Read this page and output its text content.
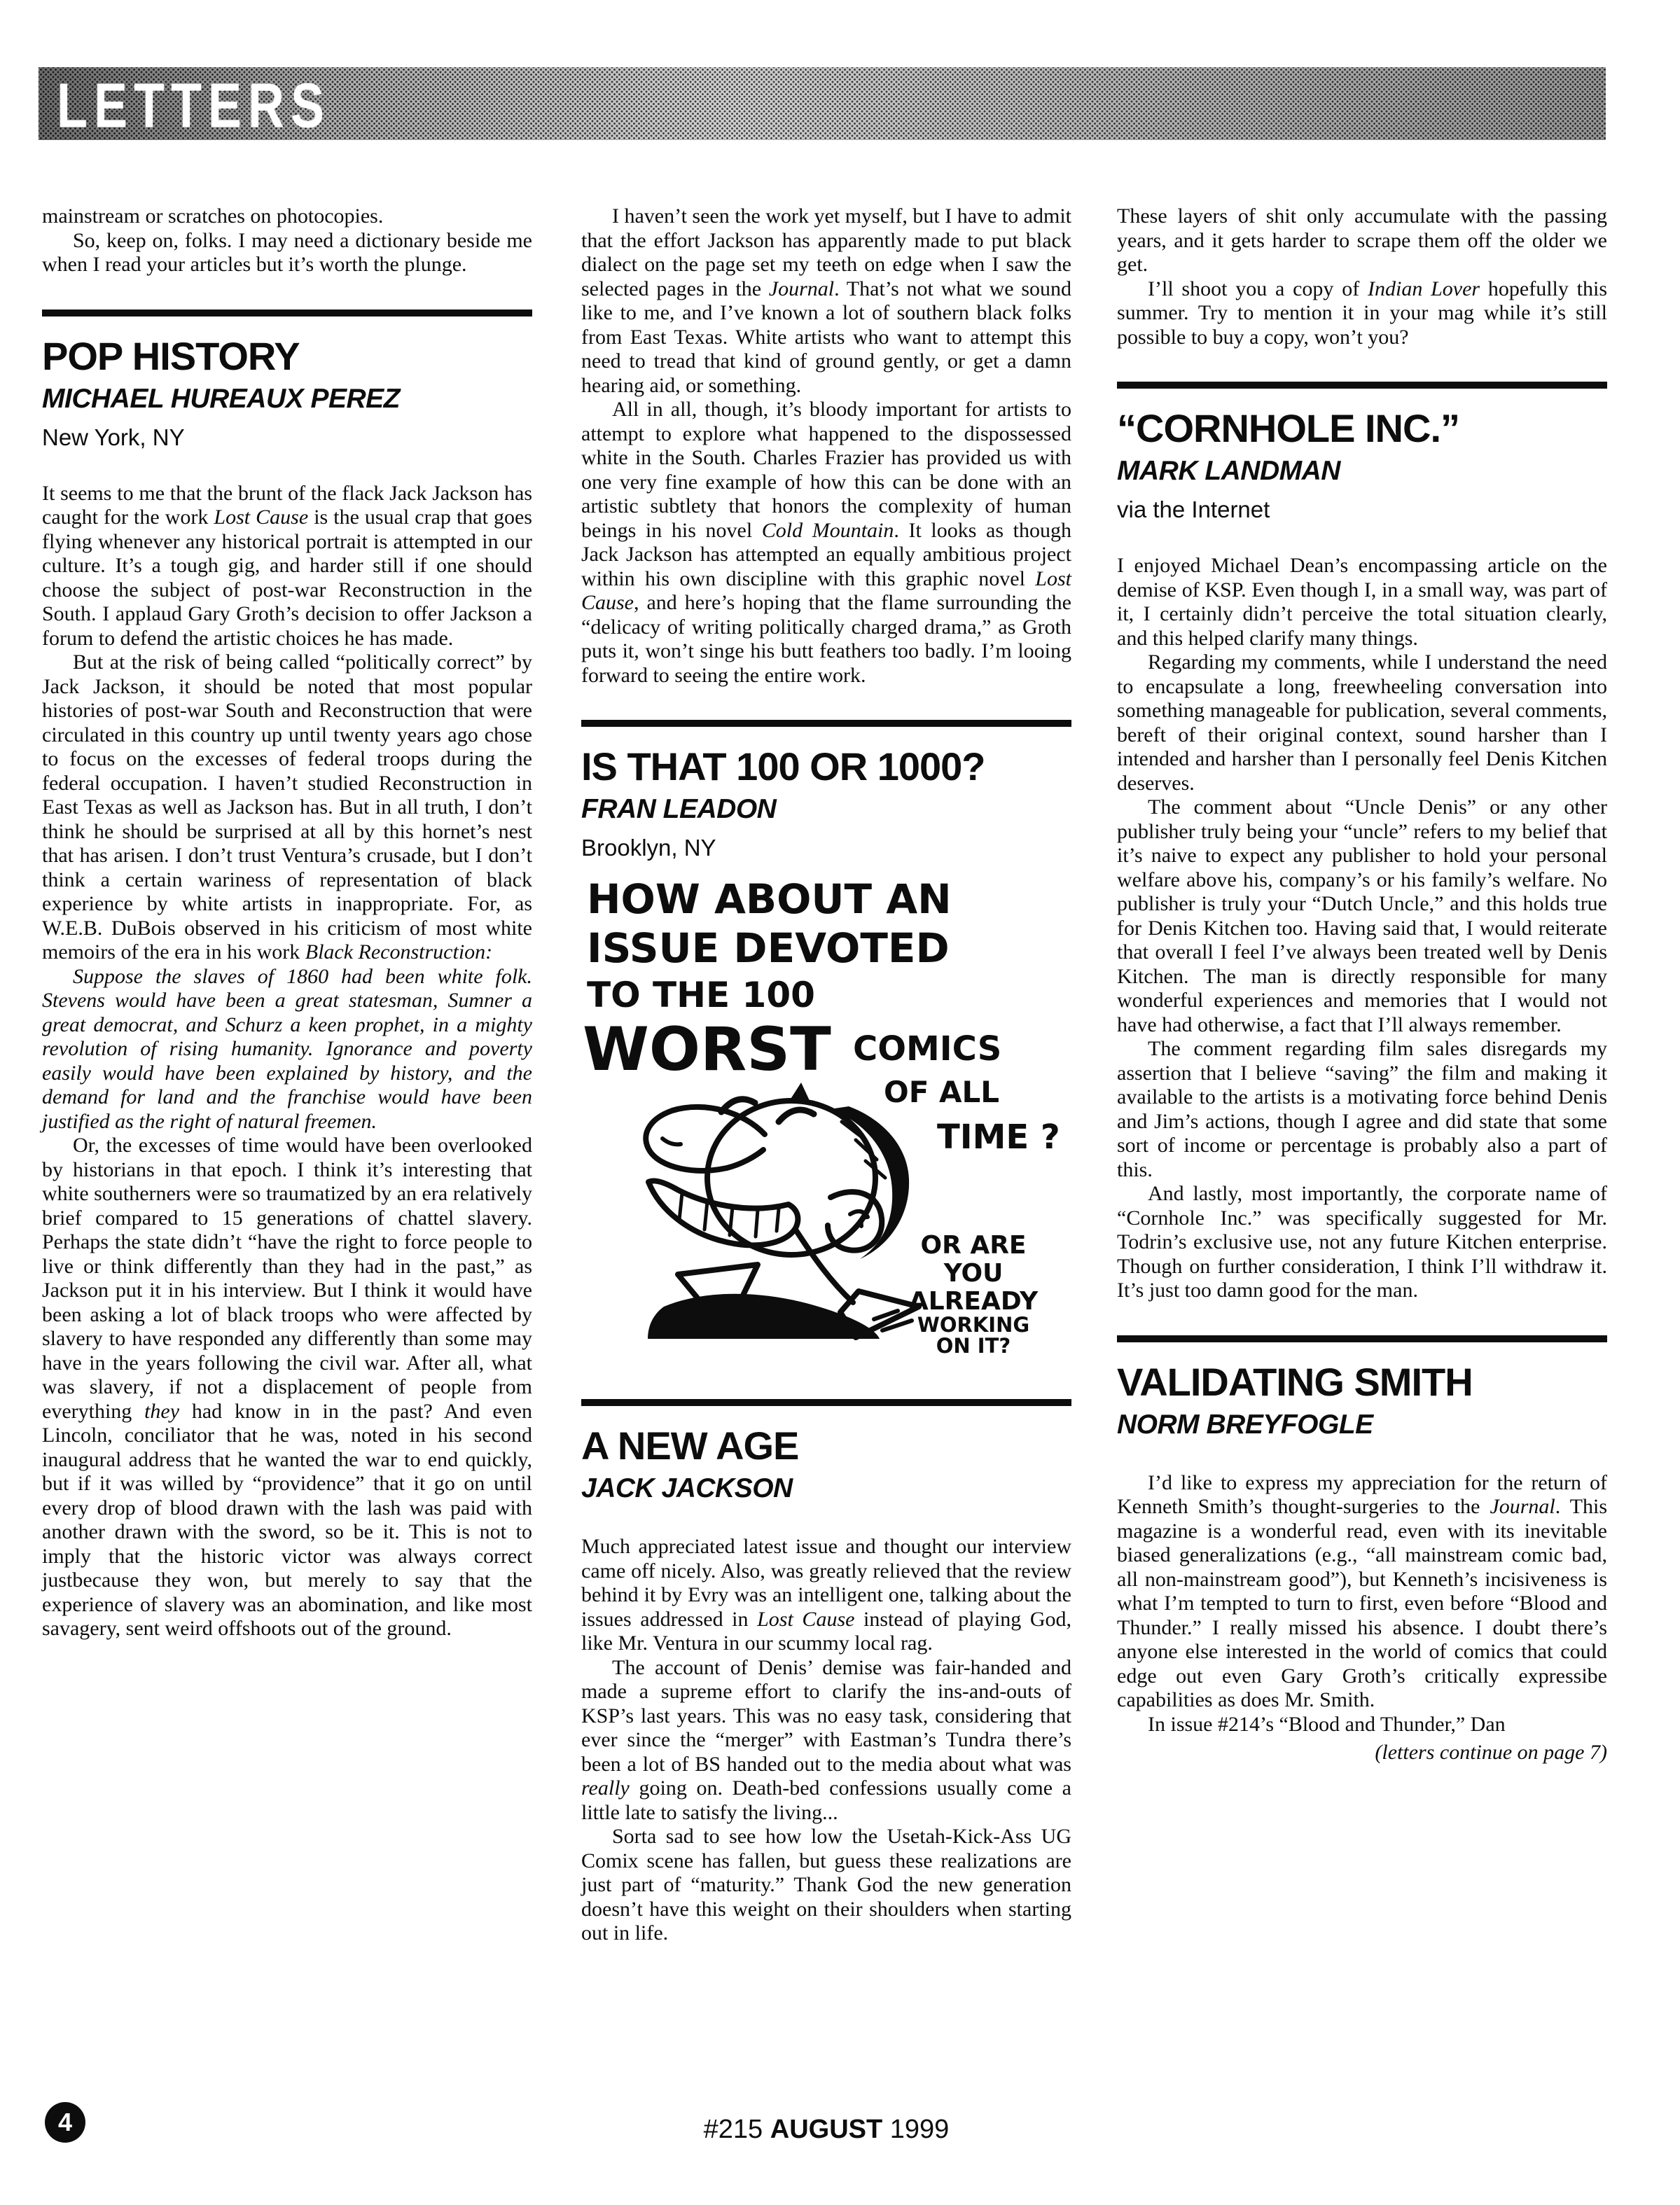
LETTERS

mainstream or scratches on photocopies.

So, keep on, folks. I may need a dictionary beside me when I read your articles but it’s worth the plunge.

POP HISTORY
MICHAEL HUREAUX PEREZ
New York, NY

It seems to me that the brunt of the flack Jack Jackson has caught for the work Lost Cause is the usual crap that goes flying whenever any historical portrait is attempted in our culture. It’s a tough gig, and harder still if one should choose the subject of post-war Reconstruction in the South. I applaud Gary Groth’s decision to offer Jackson a forum to defend the artistic choices he has made.

But at the risk of being called “politically correct” by Jack Jackson, it should be noted that most popular histories of post-war South and Reconstruction that were circulated in this country up until twenty years ago chose to focus on the excesses of federal troops during the federal occupation. I haven’t studied Reconstruction in East Texas as well as Jackson has. But in all truth, I don’t think he should be surprised at all by this hornet’s nest that has arisen. I don’t trust Ventura’s crusade, but I don’t think a certain wariness of representation of black experience by white artists in inappropriate. For, as W.E.B. DuBois observed in his criticism of most white memoirs of the era in his work Black Reconstruction:

Suppose the slaves of 1860 had been white folk. Stevens would have been a great statesman, Sumner a great democrat, and Schurz a keen prophet, in a mighty revolution of rising humanity. Ignorance and poverty easily would have been explained by history, and the demand for land and the franchise would have been justified as the right of natural freemen.

Or, the excesses of time would have been overlooked by historians in that epoch. I think it’s interesting that white southerners were so traumatized by an era relatively brief compared to 15 generations of chattel slavery. Perhaps the state didn’t “have the right to force people to live or think differently than they had in the past,” as Jackson put it in his interview. But I think it would have been asking a lot of black troops who were affected by slavery to have responded any differently than some may have in the years following the civil war. After all, what was slavery, if not a displacement of people from everything they had know in in the past? And even Lincoln, conciliator that he was, noted in his second inaugural address that he wanted the war to end quickly, but if it was willed by “providence” that it go on until every drop of blood drawn with the lash was paid with another drawn with the sword, so be it. This is not to imply that the historic victor was always correct justbecause they won, but merely to say that the experience of slavery was an abomination, and like most savagery, sent weird offshoots out of the ground.

I haven’t seen the work yet myself, but I have to admit that the effort Jackson has apparently made to put black dialect on the page set my teeth on edge when I saw the selected pages in the Journal. That’s not what we sound like to me, and I’ve known a lot of southern black folks from East Texas. White artists who want to attempt this need to tread that kind of ground gently, or get a damn hearing aid, or something.

All in all, though, it’s bloody important for artists to attempt to explore what happened to the dispossessed white in the South. Charles Frazier has provided us with one very fine example of how this can be done with an artistic subtlety that honors the complexity of human beings in his novel Cold Mountain. It looks as though Jack Jackson has attempted an equally ambitious project within his own discipline with this graphic novel Lost Cause, and here’s hoping that the flame surrounding the “delicacy of writing politically charged drama,” as Groth puts it, won’t singe his butt feathers too badly. I’m looing forward to seeing the entire work.

IS THAT 100 OR 1000?
FRAN LEADON
Brooklyn, NY
HOW ABOUT AN
ISSUE DEVOTED
TO THE 100
WORST COMICS
OF ALL
TIME ?
OR ARE
YOU
ALREADY
WORKING
ON IT?
A NEW AGE
JACK JACKSON

Much appreciated latest issue and thought our interview came off nicely. Also, was greatly relieved that the review behind it by Evry was an intelligent one, talking about the issues addressed in Lost Cause instead of playing God, like Mr. Ventura in our scummy local rag.

The account of Denis’ demise was fair-handed and made a supreme effort to clarify the ins-and-outs of KSP’s last years. This was no easy task, considering that ever since the “merger” with Eastman’s Tundra there’s been a lot of BS handed out to the media about what was really going on. Death-bed confessions usually come a little late to satisfy the living...

Sorta sad to see how low the Usetah-Kick-Ass UG Comix scene has fallen, but guess these realizations are just part of “maturity.” Thank God the new generation doesn’t have this weight on their shoulders when starting out in life.

These layers of shit only accumulate with the passing years, and it gets harder to scrape them off the older we get.

I’ll shoot you a copy of Indian Lover hopefully this summer. Try to mention it in your mag while it’s still possible to buy a copy, won’t you?

“CORNHOLE INC.”
MARK LANDMAN
via the Internet

I enjoyed Michael Dean’s encompassing article on the demise of KSP. Even though I, in a small way, was part of it, I certainly didn’t perceive the total situation clearly, and this helped clarify many things.

Regarding my comments, while I understand the need to encapsulate a long, freewheeling conversation into something manageable for publication, several comments, bereft of their original context, sound harsher than I intended and harsher than I personally feel Denis Kitchen deserves.

The comment about “Uncle Denis” or any other publisher truly being your “uncle” refers to my belief that it’s naive to expect any publisher to hold your personal welfare above his, company’s or his family’s welfare. No publisher is truly your “Dutch Uncle,” and this holds true for Denis Kitchen too. Having said that, I would reiterate that overall I feel I’ve always been treated well by Denis Kitchen. The man is directly responsible for many wonderful experiences and memories that I would not have had otherwise, a fact that I’ll always remember.

The comment regarding film sales disregards my assertion that I believe “saving” the film and making it available to the artists is a motivating force behind Denis and Jim’s actions, though I agree and did state that some sort of income or percentage is probably also a part of this.

And lastly, most importantly, the corporate name of “Cornhole Inc.” was specifically suggested for Mr. Todrin’s exclusive use, not any future Kitchen enterprise. Though on further consideration, I think I’ll withdraw it. It’s just too damn good for the man.

VALIDATING SMITH
NORM BREYFOGLE

I’d like to express my appreciation for the return of Kenneth Smith’s thought-surgeries to the Journal. This magazine is a wonderful read, even with its inevitable biased generalizations (e.g., “all mainstream comic bad, all non-mainstream good”), but Kenneth’s incisiveness is what I’m tempted to turn to first, even before “Blood and Thunder.” I really missed his absence. I doubt there’s anyone else interested in the world of comics that could edge out even Gary Groth’s critically expressibe capabilities as does Mr. Smith.

In issue #214’s “Blood and Thunder,” Dan

(letters continue on page 7)

4	#215 AUGUST 1999
